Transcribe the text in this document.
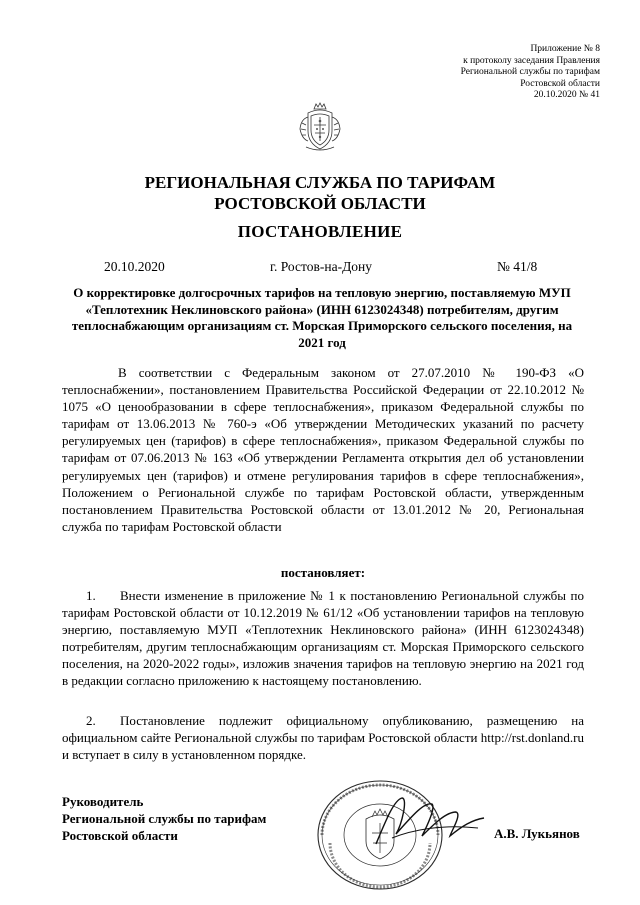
Приложение № 8
к протоколу заседания Правления
Региональной службы по тарифам
Ростовской области
20.10.2020 № 41
РЕГИОНАЛЬНАЯ СЛУЖБА ПО ТАРИФАМ
РОСТОВСКОЙ ОБЛАСТИ
ПОСТАНОВЛЕНИЕ
20.10.2020	г. Ростов-на-Дону	№ 41/8
О корректировке долгосрочных тарифов на тепловую энергию, поставляемую МУП «Теплотехник Неклиновского района» (ИНН 6123024348) потребителям, другим теплоснабжающим организациям ст. Морская Приморского сельского поселения, на 2021 год
В соответствии с Федеральным законом от 27.07.2010 № 190-ФЗ «О теплоснабжении», постановлением Правительства Российской Федерации от 22.10.2012 № 1075 «О ценообразовании в сфере теплоснабжения», приказом Федеральной службы по тарифам от 13.06.2013 № 760-э «Об утверждении Методических указаний по расчету регулируемых цен (тарифов) в сфере теплоснабжения», приказом Федеральной службы по тарифам от 07.06.2013 № 163 «Об утверждении Регламента открытия дел об установлении регулируемых цен (тарифов) и отмене регулирования тарифов в сфере теплоснабжения», Положением о Региональной службе по тарифам Ростовской области, утвержденным постановлением Правительства Ростовской области от 13.01.2012 № 20, Региональная служба по тарифам Ростовской области
постановляет:
1. Внести изменение в приложение № 1 к постановлению Региональной службы по тарифам Ростовской области от 10.12.2019 № 61/12 «Об установлении тарифов на тепловую энергию, поставляемую МУП «Теплотехник Неклиновского района» (ИНН 6123024348) потребителям, другим теплоснабжающим организациям ст. Морская Приморского сельского поселения, на 2020-2022 годы», изложив значения тарифов на тепловую энергию на 2021 год в редакции согласно приложению к настоящему постановлению.
2. Постановление подлежит официальному опубликованию, размещению на официальном сайте Региональной службы по тарифам Ростовской области http://rst.donland.ru и вступает в силу в установленном порядке.
Руководитель
Региональной службы по тарифам
Ростовской области	А.В. Лукьянов
